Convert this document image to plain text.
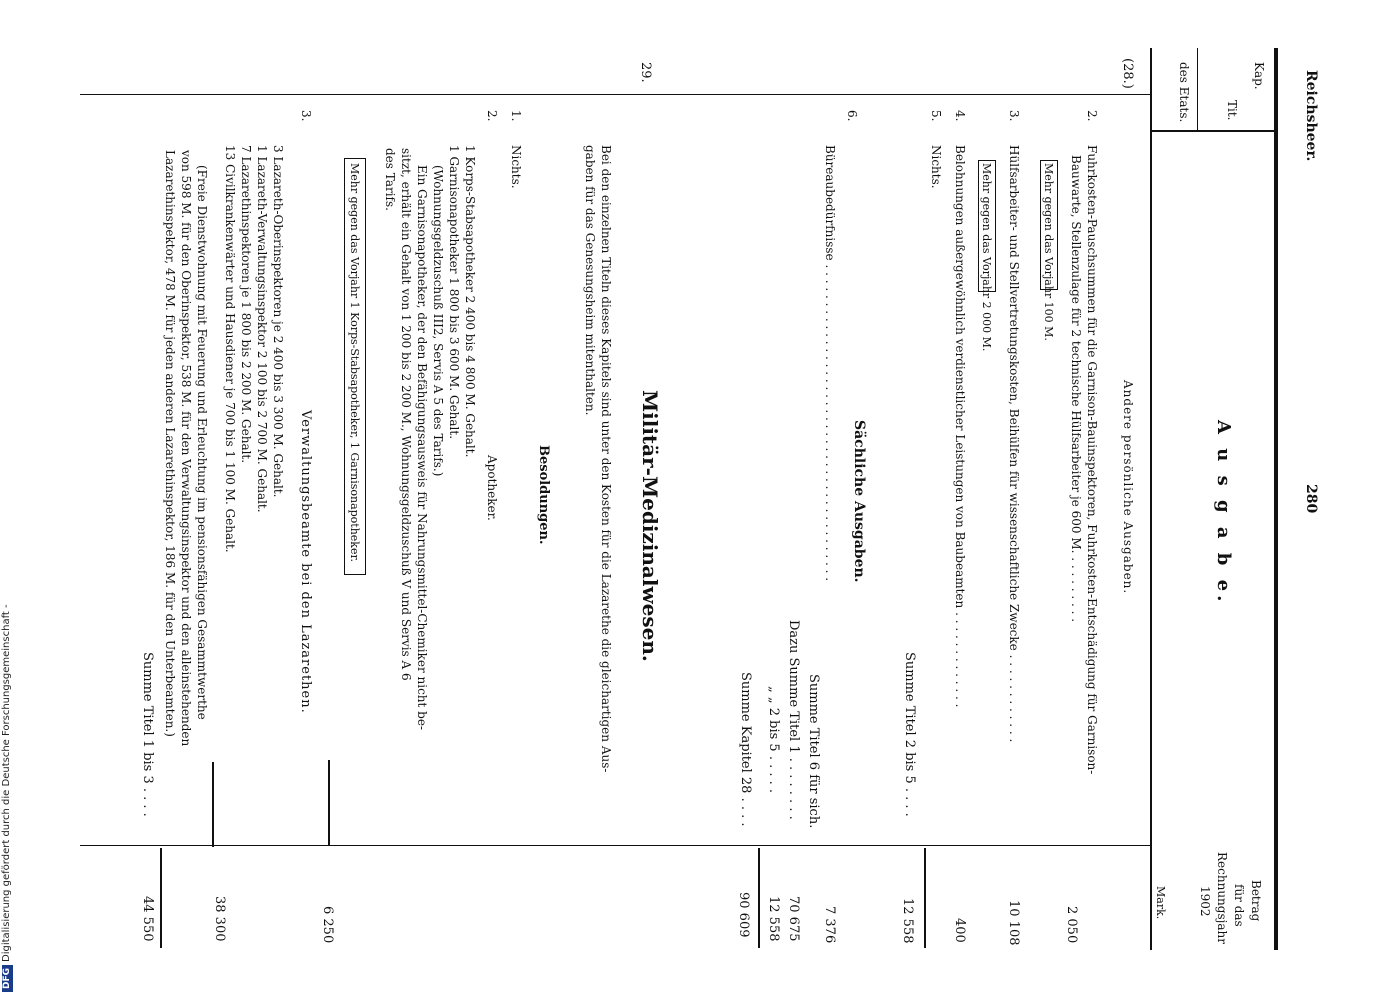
Reichsheer.
280
Kap.
Tit.
des Etats.
A u s g a b e.
Betrag
für das
Rechnungsjahr
1902
Mark.
(28.)
Andere persönliche Ausgaben.
2.
Fuhrkosten-Pauschsummen für die Garnison-Bauinspektoren, Fuhrkosten-Entschädigung für Garnison-
Bauwarte, Stellenzulage für 2 technische Hülfsarbeiter je 600 M. . . . . . . . . .
Mehr gegen das Vorjahr 100 M.
2 050
3.
Hülfsarbeiter- und Stellvertretungskosten, Beihülfen für wissenschaftliche Zwecke . . . . . . . . . . . .
Mehr gegen das Vorjahr 2 000 M.
10 108
4.
Belohnungen außergewöhnlich verdienstlicher Leistungen von Baubeamten . . . . . . . . . . . . .
400
5.
Nichts.
Summe Titel 2 bis 5 . . . .
12 558
Sächliche Ausgaben.
6.
Büreaubedürfnisse . . . . . . . . . . . . . . . . . . . . . . . . . . . . . . . . . . . . . . . . . .
7 376
Summe Titel 6 für sich.
Dazu Summe Titel 1 . . . . . . . .
70 675
„ „ 2 bis 5 . . . . .
12 558
Summe Kapitel 28 . . . .
90 609
29.
Militär-Medizinalwesen.
Bei den einzelnen Titeln dieses Kapitels sind unter den Kosten für die Lazarethe die gleichartigen Aus-
gaben für das Genesungsheim mitenthalten.
Besoldungen.
1.
Nichts.
2.
Apotheker.
1 Korps-Stabsapotheker 2 400 bis 4 800 M. Gehalt.
1 Garnisonapotheker 1 800 bis 3 600 M. Gehalt.
(Wohnungsgeldzuschuß III2, Servis A 5 des Tarifs.)
Ein Garnisonapotheker, der den Befähigungsausweis für Nahrungsmittel-Chemiker nicht be-
sitzt, erhält ein Gehalt von 1 200 bis 2 200 M., Wohnungsgeldzuschuß V und Servis A 6
des Tarifs.
Mehr gegen das Vorjahr 1 Korps-Stabsapotheker, 1 Garnisonapotheker.
6 250
3.
Verwaltungsbeamte bei den Lazarethen.
3 Lazareth-Oberinspektoren je 2 400 bis 3 300 M. Gehalt.
1 Lazareth-Verwaltungsinspektor 2 100 bis 2 700 M. Gehalt.
7 Lazarethinspektoren je 1 800 bis 2 200 M. Gehalt.
13 Civilkrankenwärter und Hausdiener je 700 bis 1 100 M. Gehalt.
(Freie Dienstwohnung mit Feuerung und Erleuchtung im pensionsfähigen Gesammtwerthe
von 598 M. für den Oberinspektor, 538 M. für den Verwaltungsinspektor und den alleinstehenden
Lazarethinspektor, 478 M. für jeden anderen Lazarethinspektor, 186 M. für den Unterbeamten.)
38 300
Summe Titel 1 bis 3 . . . .
44 550
Digitalisierung gefördert durch die Deutsche Forschungsgemeinschaft -
DFG
